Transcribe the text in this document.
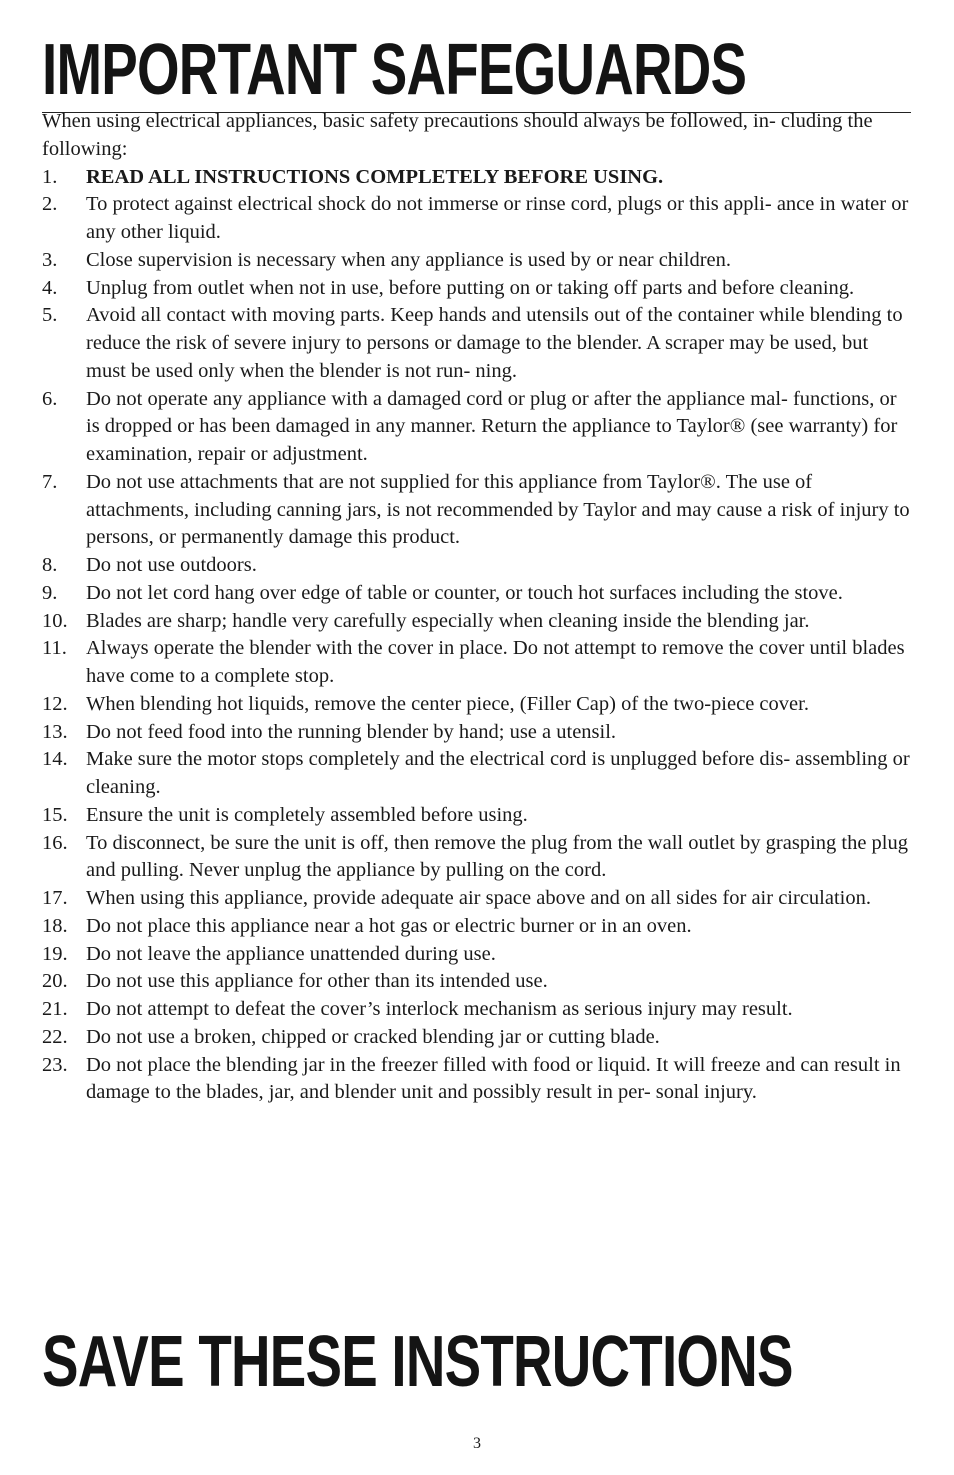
IMPORTANT SAFEGUARDS

When using electrical appliances, basic safety precautions should always be followed, in- cluding the following:

1.	READ ALL INSTRUCTIONS COMPLETELY BEFORE USING.
2.	To protect against electrical shock do not immerse or rinse cord, plugs or this appli- ance in water or any other liquid.
3.	Close supervision is necessary when any appliance is used by or near children.
4.	Unplug from outlet when not in use, before putting on or taking off parts and before cleaning.
5.	Avoid all contact with moving parts. Keep hands and utensils out of the container while blending to reduce the risk of severe injury to persons or damage to the blender. A scraper may be used, but must be used only when the blender is not run- ning.
6.	Do not operate any appliance with a damaged cord or plug or after the appliance mal- functions, or is dropped or has been damaged in any manner. Return the appliance to Taylor® (see warranty) for examination, repair or adjustment.
7.	Do not use attachments that are not supplied for this appliance from Taylor®. The use of attachments, including canning jars, is not recommended by Taylor and may cause a risk of injury to persons, or permanently damage this product.
8.	Do not use outdoors.
9.	Do not let cord hang over edge of table or counter, or touch hot surfaces including the stove.
10. Blades are sharp; handle very carefully especially when cleaning inside the blending jar.
11. Always operate the blender with the cover in place. Do not attempt to remove the cover until blades have come to a complete stop.
12. When blending hot liquids, remove the center piece, (Filler Cap) of the two-piece cover.
13. Do not feed food into the running blender by hand; use a utensil.
14. Make sure the motor stops completely and the electrical cord is unplugged before dis- assembling or cleaning.
15. Ensure the unit is completely assembled before using.
16. To disconnect, be sure the unit is off, then remove the plug from the wall outlet by grasping the plug and pulling. Never unplug the appliance by pulling on the cord.
17. When using this appliance, provide adequate air space above and on all sides for air circulation.
18. Do not place this appliance near a hot gas or electric burner or in an oven.
19. Do not leave the appliance unattended during use.
20. Do not use this appliance for other than its intended use.
21. Do not attempt to defeat the cover’s interlock mechanism as serious injury may result.
22. Do not use a broken, chipped or cracked blending jar or cutting blade.
23. Do not place the blending jar in the freezer filled with food or liquid. It will freeze and can result in damage to the blades, jar, and blender unit and possibly result in per- sonal injury.
SAVE THESE INSTRUCTIONS
3
